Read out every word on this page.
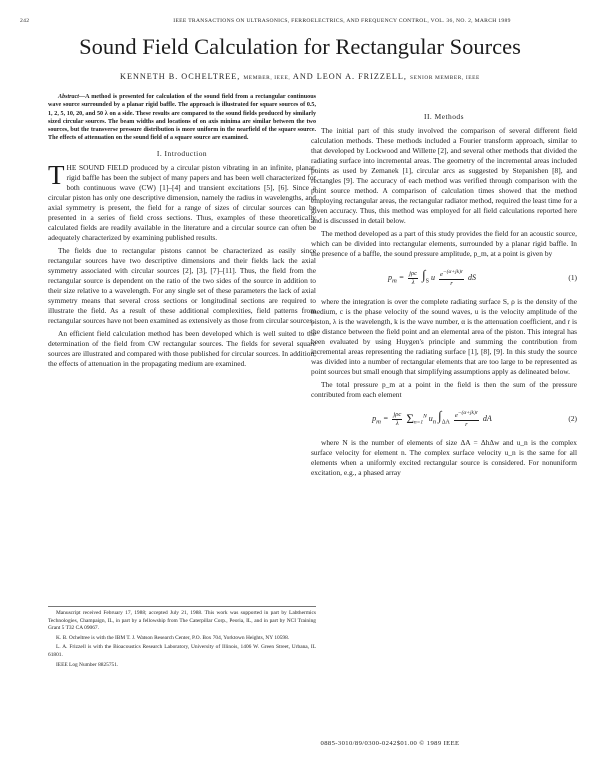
242	IEEE TRANSACTIONS ON ULTRASONICS, FERROELECTRICS, AND FREQUENCY CONTROL, VOL. 36, NO. 2, MARCH 1989
Sound Field Calculation for Rectangular Sources
KENNETH B. OCHELTREE, MEMBER, IEEE, AND LEON A. FRIZZELL, SENIOR MEMBER, IEEE

Abstract—A method is presented for calculation of the sound field from a rectangular continuous wave source surrounded by a planar rigid baffle. The approach is illustrated for square sources of 0.5, 1, 2, 5, 10, 20, and 50 λ on a side. These results are compared to the sound fields produced by similarly sized circular sources. The beam widths and locations of on axis minima are similar between the two sources, but the transverse pressure distribution is more uniform in the nearfield of the square source. The effects of attenuation on the sound field of a square source are examined.

I. Introduction

THE SOUND FIELD produced by a circular piston vibrating in an infinite, planar, rigid baffle has been the subject of many papers and has been well characterized for both continuous wave (CW) [1]–[4] and transient excitations [5], [6]. Since a circular piston has only one descriptive dimension, namely the radius in wavelengths, and axial symmetry is present, the field for a range of sizes of circular sources can be presented in a series of field cross sections. Thus, examples of these theoretically calculated fields are readily available in the literature and a circular source can often be adequately characterized by examining published results.

The fields due to rectangular pistons cannot be characterized as easily since rectangular sources have two descriptive dimensions and their fields lack the axial symmetry associated with circular sources [2], [3], [7]–[11]. Thus, the field from the rectangular source is dependent on the ratio of the two sides of the source in addition to their size relative to a wavelength. For any single set of these parameters the lack of axial symmetry means that several cross sections or longitudinal sections are required to illustrate the field. As a result of these additional complexities, field patterns from rectangular sources have not been examined as extensively as those from circular sources.

An efficient field calculation method has been developed which is well suited to the determination of the field from CW rectangular sources. The fields for several square sources are illustrated and compared with those published for circular sources. In addition, the effects of attenuation in the propagating medium are examined.

Manuscript received February 17, 1988; accepted July 21, 1988. This work was supported in part by Labthermics Technologies, Champaign, IL, in part by a fellowship from The Caterpillar Corp., Peoria, IL, and in part by NCI Training Grant 5 T32 CA 09067.

K. B. Ocheltree is with the IBM T. J. Watson Research Center, P.O. Box 704, Yorktown Heights, NY 10598.

L. A. Frizzell is with the Bioacoustics Research Laboratory, University of Illinois, 1406 W. Green Street, Urbana, IL 61801.

IEEE Log Number 8825751.

II. Methods

The initial part of this study involved the comparison of several different field calculation methods. These methods included a Fourier transform approach, similar to that developed by Lockwood and Willette [2], and several other methods that divided the radiating surface into incremental areas. The geometry of the incremental areas included points as used by Zemanek [1], circular arcs as suggested by Stepanishen [8], and rectangles [9]. The accuracy of each method was verified through comparison with the point source method. A comparison of calculation times showed that the method employing rectangular areas, the rectangular radiator method, required the least time for a given accuracy. Thus, this method was employed for all field calculations reported here and is discussed in detail below.

The method developed as a part of this study provides the field for an acoustic source, which can be divided into rectangular elements, surrounded by a planar rigid baffle. In the presence of a baffle, the sound pressure amplitude, p_m, at a point is given by

$p_m = \frac{\text{jρc}}{\lambda} \int_S$ u $\frac{e^{-(\alpha+jk)r}}{r}$ dS	(1)

where the integration is over the complete radiating surface S, ρ is the density of the medium, c is the phase velocity of the sound waves, u is the velocity amplitude of the piston, λ is the wavelength, k is the wave number, α is the attenuation coefficient, and r is the distance between the field point and an elemental area of the piston. This integral has been evaluated by using Huygen's principle and summing the contribution from incremental areas representing the radiating surface [1], [8], [9]. In this study the source was divided into a number of rectangular elements that are too large to be represented as point sources but small enough that simplifying assumptions apply as delineated below.

The total pressure p_m at a point in the field is then the sum of the pressure contributed from each element

$p_m = \frac{\text{jρc}}{\lambda} \Sigma_{n=1}^N$ $u_n$ $\int_{\Delta A} \frac{e^{-(\alpha+jk)r}}{r}$ dA	(2)

where N is the number of elements of size ΔA = ΔhΔw and u_n is the complex surface velocity for element n. The complex surface velocity u_n is the same for all elements when a uniformly excited rectangular source is considered. For nonuniform excitation, e.g., a phased array

0885-3010/89/0300-0242$01.00 © 1989 IEEE
